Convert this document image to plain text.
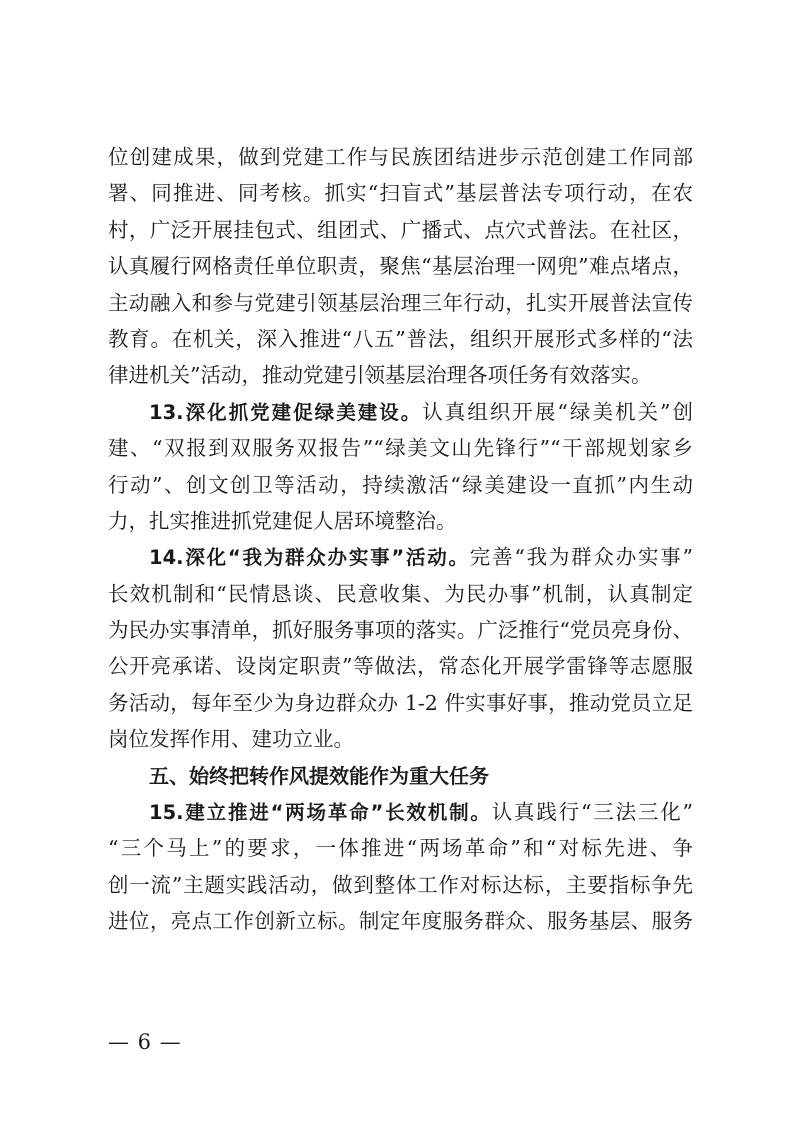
位创建成果，做到党建工作与民族团结进步示范创建工作同部
署、同推进、同考核。抓实“扫盲式”基层普法专项行动，在农
村，广泛开展挂包式、组团式、广播式、点穴式普法。在社区，
认真履行网格责任单位职责，聚焦“基层治理一网兜”难点堵点，
主动融入和参与党建引领基层治理三年行动，扎实开展普法宣传
教育。在机关，深入推进“八五”普法，组织开展形式多样的“法
律进机关”活动，推动党建引领基层治理各项任务有效落实。
13.深化抓党建促绿美建设。认真组织开展“绿美机关”创
建、“双报到双服务双报告”“绿美文山先锋行”“干部规划家乡
行动”、创文创卫等活动，持续激活“绿美建设一直抓”内生动
力，扎实推进抓党建促人居环境整治。
14.深化“我为群众办实事”活动。完善“我为群众办实事”
长效机制和“民情恳谈、民意收集、为民办事”机制，认真制定
为民办实事清单，抓好服务事项的落实。广泛推行“党员亮身份、
公开亮承诺、设岗定职责”等做法，常态化开展学雷锋等志愿服
务活动，每年至少为身边群众办 1-2 件实事好事，推动党员立足
岗位发挥作用、建功立业。
五、始终把转作风提效能作为重大任务
15.建立推进“两场革命”长效机制。认真践行“三法三化”
“三个马上”的要求，一体推进“两场革命”和“对标先进、争
创一流”主题实践活动，做到整体工作对标达标，主要指标争先
进位，亮点工作创新立标。制定年度服务群众、服务基层、服务
— 6 —
